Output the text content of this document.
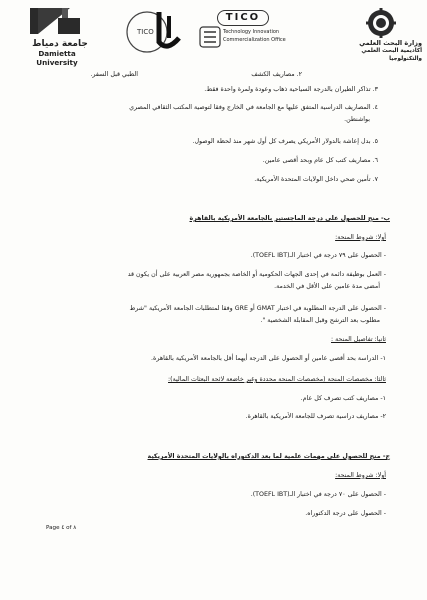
جامعة دمياط
Damietta University
TICO
TICO
Technology Innovation
Commercialization Office	وزارة البحث العلمي
أكاديمية البحث العلمي والتكنولوجيا
الطبي قبل السفر.	٢. مصاريف الكشف
٣. تذاكر الطيران بالدرجة السياحية ذهاب وعودة ولمرة واحدة فقط.
٤. المصاريف الدراسية المتفق عليها مع الجامعة في الخارج وفقا لتوصية المكتب الثقافي المصري
بواشنطن.
٥. بدل إعاشة بالدولار الأمريكي يصرف كل أول شهر منذ لحظة الوصول.
٦. مصاريف كتب كل عام وبحد أقصى عامين.
٧. تأمين صحي داخل الولايات المتحدة الأمريكية.
ب- منح للحصول على درجة الماجستير بالجامعة الأمريكية بالقاهرة
أولا: شروط المنحة:
- الحصول على ٧٩ درجة في اختبار الـ(TOEFL IBT).
- العمل بوظيفة دائمة في إحدى الجهات الحكومية أو الخاصة بجمهورية مصر العربية على أن يكون قد
أمضى مدة عامين على الأقل في الخدمة.
- الحصول على الدرجة المطلوبة في اختبار GMAT أو GRE وفقا لمتطلبات الجامعة الأمريكية "شرط
مطلوب بعد الترشح وقبل المقابلة الشخصية ".
ثانيا: تفاصيل المنحة :
١- الدراسة بحد أقصى عامين أو الحصول على الدرجة أيهما أقل بالجامعة الأمريكية بالقاهرة.
ثالثا: مخصصات المنحة (مخصصات المنحة محددة وغير خاضعة لائحة البعثات المالية):
١- مصاريف كتب تصرف كل عام.
٢- مصاريف دراسية تصرف للجامعة الأمريكية بالقاهرة.
ج- منح للحصول على مهمات علمية لما بعد الدكتوراه بالولايات المتحدة الأمريكية
أولا: شروط المنحة:
- الحصول على ٧٠ درجة في اختبار الـ(TOEFL IBT).
- الحصول على درجة الدكتوراه.
Page ٤ of ٨
